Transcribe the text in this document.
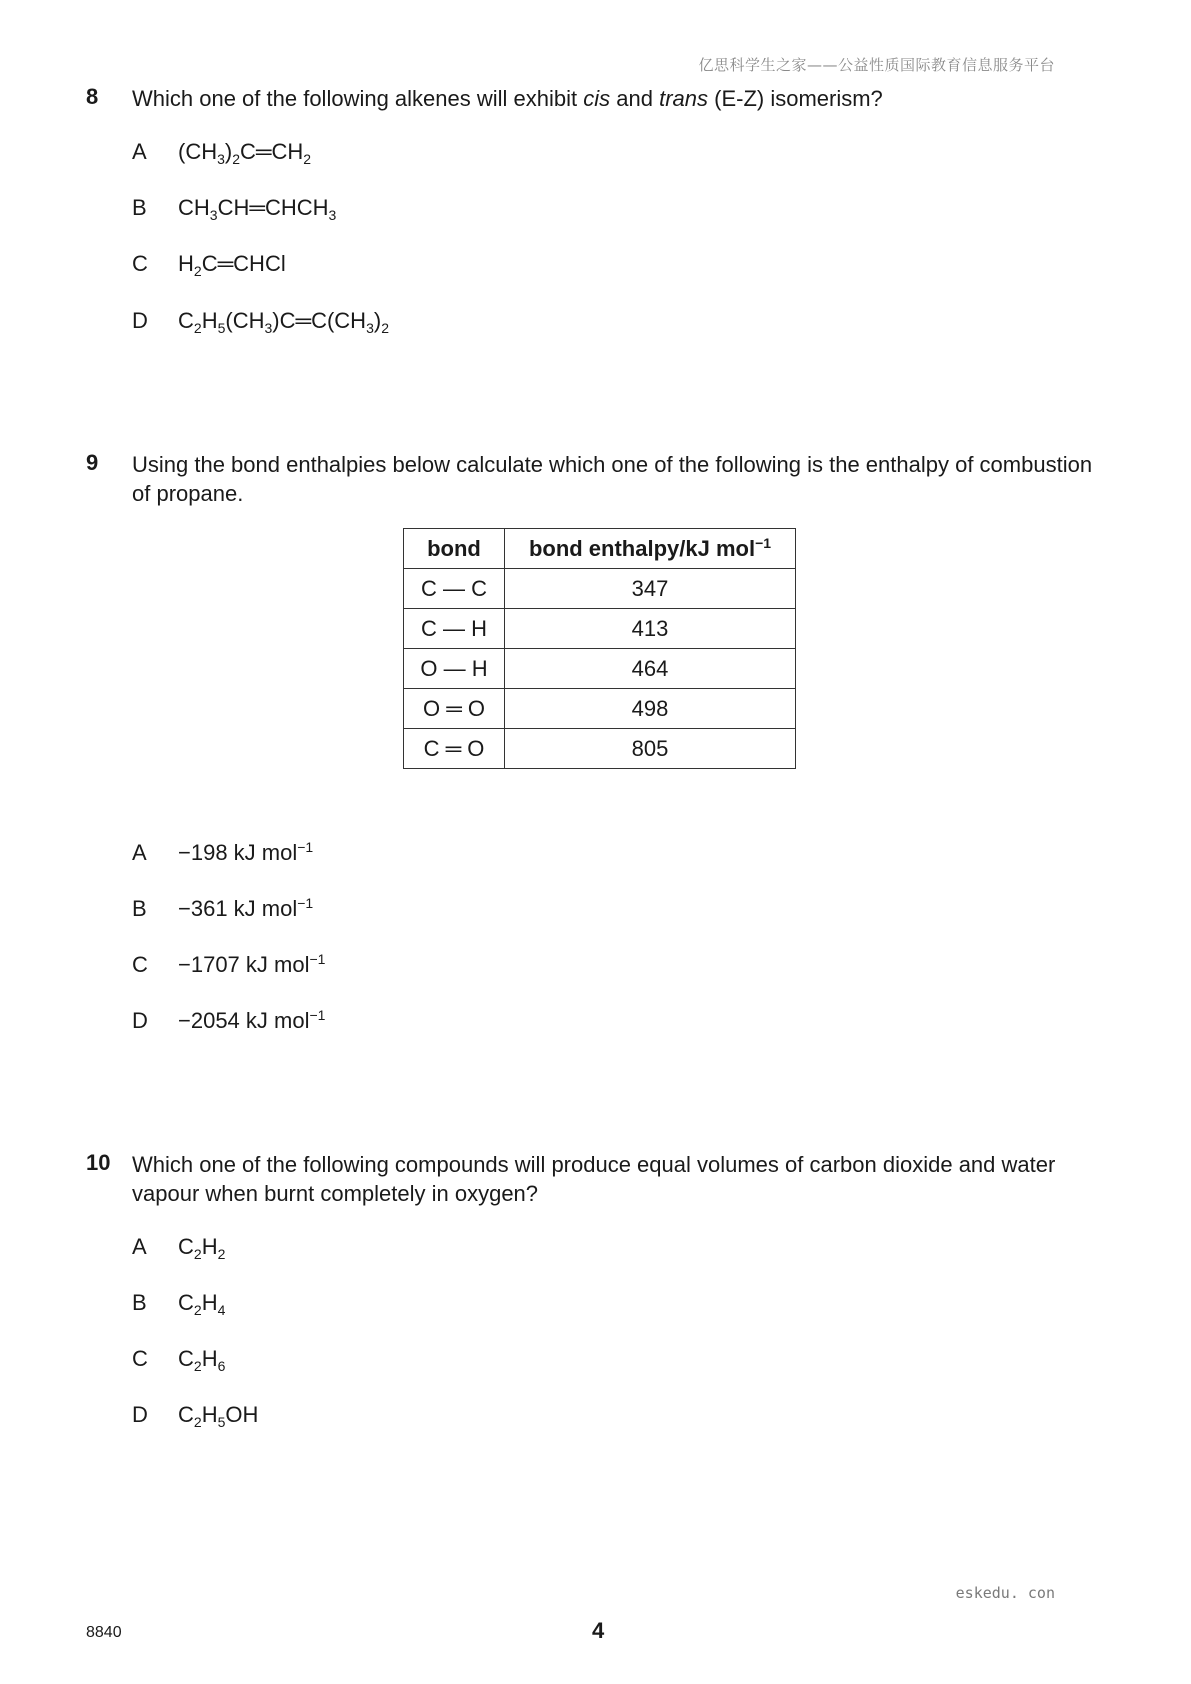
亿思科学生之家——公益性质国际教育信息服务平台
8 Which one of the following alkenes will exhibit cis and trans (E-Z) isomerism?
A $(CH_3)_2C═CH_2$
B $CH_3CH═CHCH_3$
C $H_2C═CHCl$
D $C_2H_5(CH_3)C═C(CH_3)_2$
9 Using the bond enthalpies below calculate which one of the following is the enthalpy of combustion of propane.
bond	bond enthalpy/kJ mol$^{-1}$
C — C	347
C — H	413
O — H	464
O ═ O	498
C ═ O	805
A −198 kJ mol$^{-1}$
B −361 kJ mol$^{-1}$
C −1707 kJ mol$^{-1}$
D −2054 kJ mol$^{-1}$
10 Which one of the following compounds will produce equal volumes of carbon dioxide and water vapour when burnt completely in oxygen?
A $C_2H_2$
B $C_2H_4$
C $C_2H_6$
D $C_2H_5OH$
eskedu. con
8840	4
